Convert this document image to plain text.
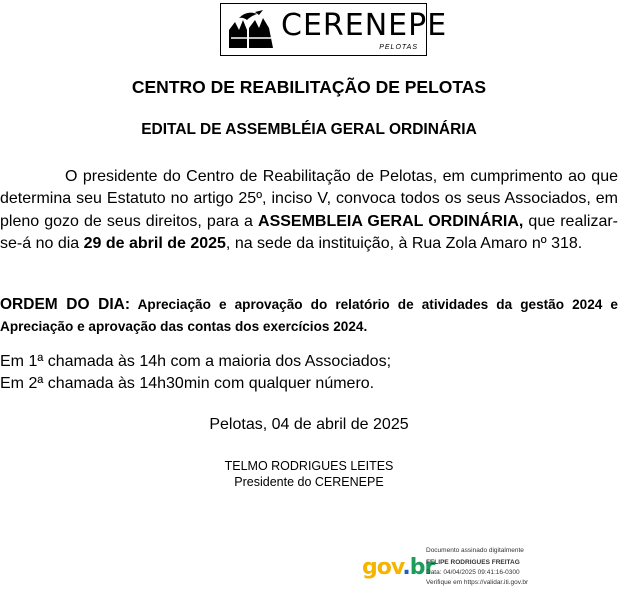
CERENEPE
PELOTAS
CENTRO DE REABILITAÇÃO DE PELOTAS
EDITAL DE ASSEMBLÉIA GERAL ORDINÁRIA
O presidente do Centro de Reabilitação de Pelotas, em cumprimento ao que determina seu Estatuto no artigo 25º, inciso V, convoca todos os seus Associados, em pleno gozo de seus direitos, para a ASSEMBLEIA GERAL ORDINÁRIA, que realizar-se-á no dia 29 de abril de 2025, na sede da instituição, à Rua Zola Amaro nº 318.
ORDEM DO DIA: Apreciação e aprovação do relatório de atividades da gestão 2024 e Apreciação e aprovação das contas dos exercícios 2024.
Em 1ª chamada às 14h com a maioria dos Associados;
Em 2ª chamada às 14h30min com qualquer número.
Pelotas, 04 de abril de 2025
TELMO RODRIGUES LEITES
Presidente do CERENEPE
gov.br
Documento assinado digitalmente
FELIPE RODRIGUES FREITAG
Data: 04/04/2025 09:41:16-0300
Verifique em https://validar.iti.gov.br
